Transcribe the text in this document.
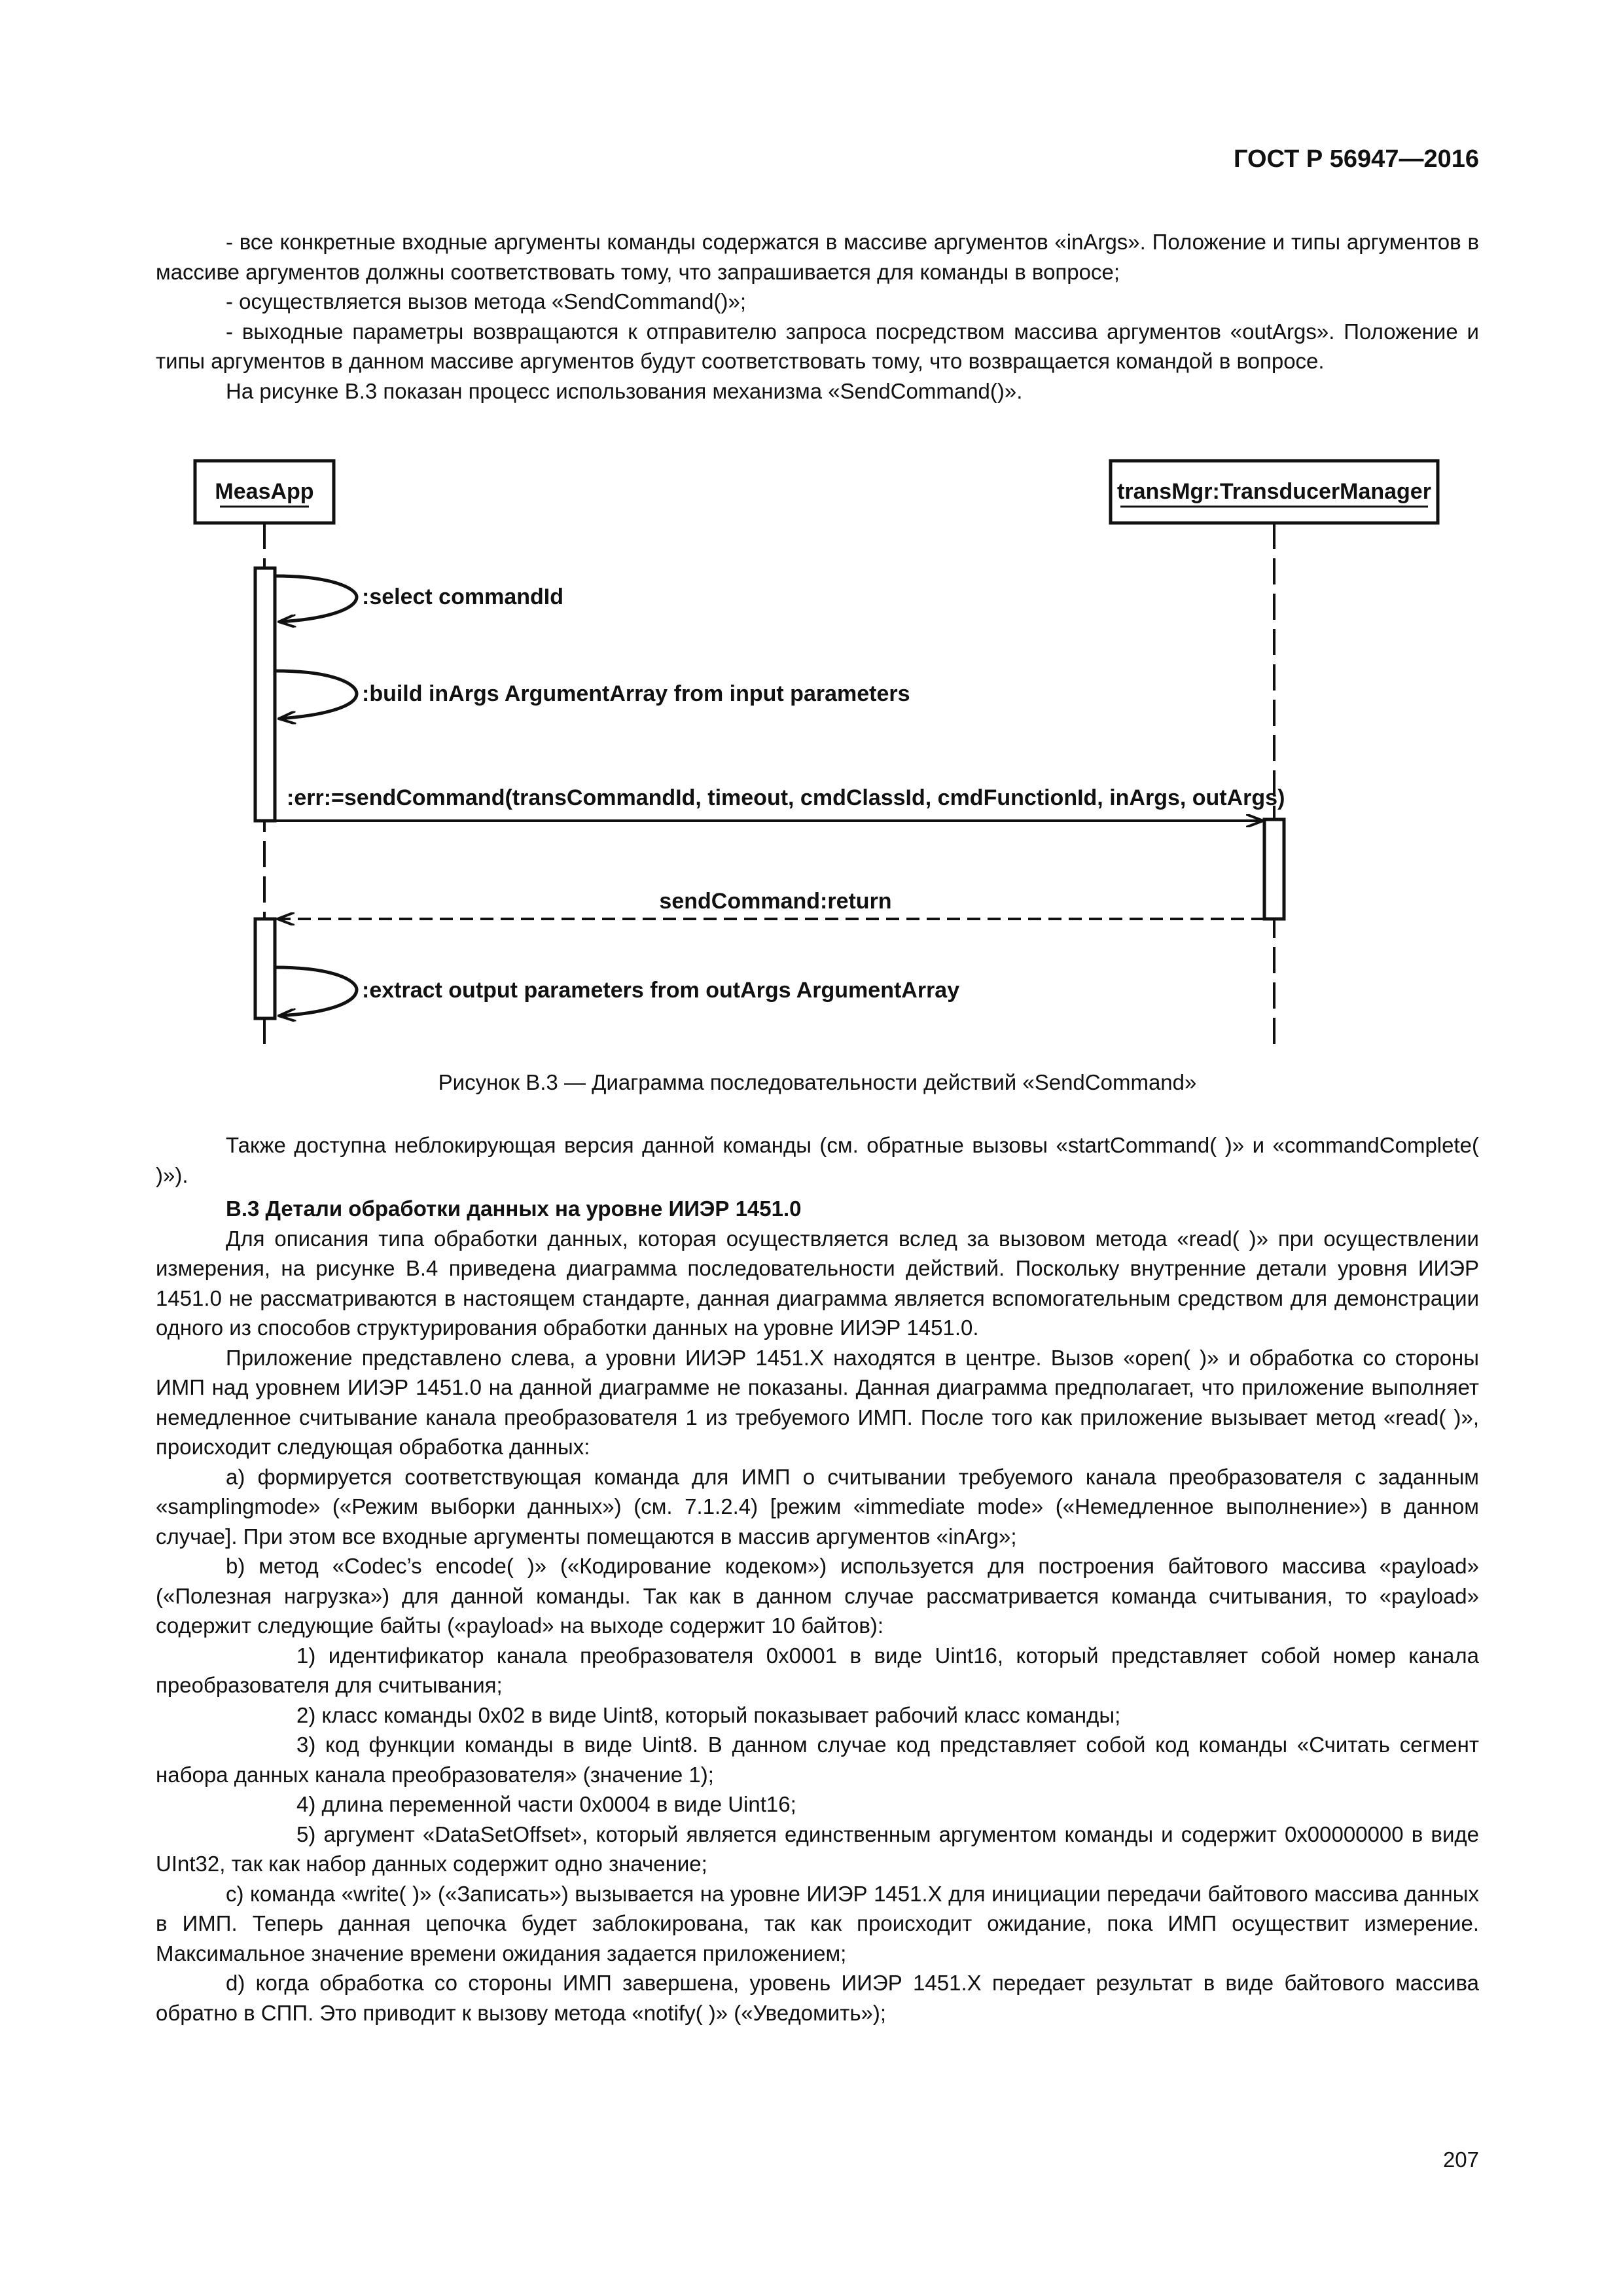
ГОСТ Р 56947—2016

- все конкретные входные аргументы команды содержатся в массиве аргументов «inArgs». Положение и типы аргументов в массиве аргументов должны соответствовать тому, что запрашивается для команды в вопросе;

- осуществляется вызов метода «SendCommand()»;

- выходные параметры возвращаются к отправителю запроса посредством массива аргументов «outArgs». Положение и типы аргументов в данном массиве аргументов будут соответствовать тому, что возвращается командой в вопросе.

На рисунке В.3 показан процесс использования механизма «SendCommand()».

MeasApp	transMgr:TransducerManager
:select commandId
:build inArgs ArgumentArray from input parameters
:err:=sendCommand(transCommandId, timeout, cmdClassId, cmdFunctionId, inArgs, outArgs)
sendCommand:return
:extract output parameters from outArgs ArgumentArray
Рисунок В.3 — Диаграмма последовательности действий «SendCommand»

Также доступна неблокирующая версия данной команды (см. обратные вызовы «startCommand( )» и «commandComplete( )»).

В.3 Детали обработки данных на уровне ИИЭР 1451.0

Для описания типа обработки данных, которая осуществляется вслед за вызовом метода «read( )» при осуществлении измерения, на рисунке В.4 приведена диаграмма последовательности действий. Поскольку внутренние детали уровня ИИЭР 1451.0 не рассматриваются в настоящем стандарте, данная диаграмма является вспомогательным средством для демонстрации одного из способов структурирования обработки данных на уровне ИИЭР 1451.0.

Приложение представлено слева, а уровни ИИЭР 1451.X находятся в центре. Вызов «open( )» и обработка со стороны ИМП над уровнем ИИЭР 1451.0 на данной диаграмме не показаны. Данная диаграмма предполагает, что приложение выполняет немедленное считывание канала преобразователя 1 из требуемого ИМП. После того как приложение вызывает метод «read( )», происходит следующая обработка данных:

а) формируется соответствующая команда для ИМП о считывании требуемого канала преобразователя с заданным «samplingmode» («Режим выборки данных») (см. 7.1.2.4) [режим «immediate mode» («Немедленное выполнение») в данном случае]. При этом все входные аргументы помещаются в массив аргументов «inArg»;

b) метод «Codec’s encode( )» («Кодирование кодеком») используется для построения байтового массива «payload» («Полезная нагрузка») для данной команды. Так как в данном случае рассматривается команда считывания, то «payload» содержит следующие байты («payload» на выходе содержит 10 байтов):

1) идентификатор канала преобразователя 0x0001 в виде Uint16, который представляет собой номер канала преобразователя для считывания;

2) класс команды 0x02 в виде Uint8, который показывает рабочий класс команды;

3) код функции команды в виде Uint8. В данном случае код представляет собой код команды «Считать сегмент набора данных канала преобразователя» (значение 1);

4) длина переменной части 0x0004 в виде Uint16;

5) аргумент «DataSetOffset», который является единственным аргументом команды и содержит 0x00000000 в виде UInt32, так как набор данных содержит одно значение;

c) команда «write( )» («Записать») вызывается на уровне ИИЭР 1451.X для инициации передачи байтового массива данных в ИМП. Теперь данная цепочка будет заблокирована, так как происходит ожидание, пока ИМП осуществит измерение. Максимальное значение времени ожидания задается приложением;

d) когда обработка со стороны ИМП завершена, уровень ИИЭР 1451.X передает результат в виде байтового массива обратно в СПП. Это приводит к вызову метода «notify( )» («Уведомить»);

207
